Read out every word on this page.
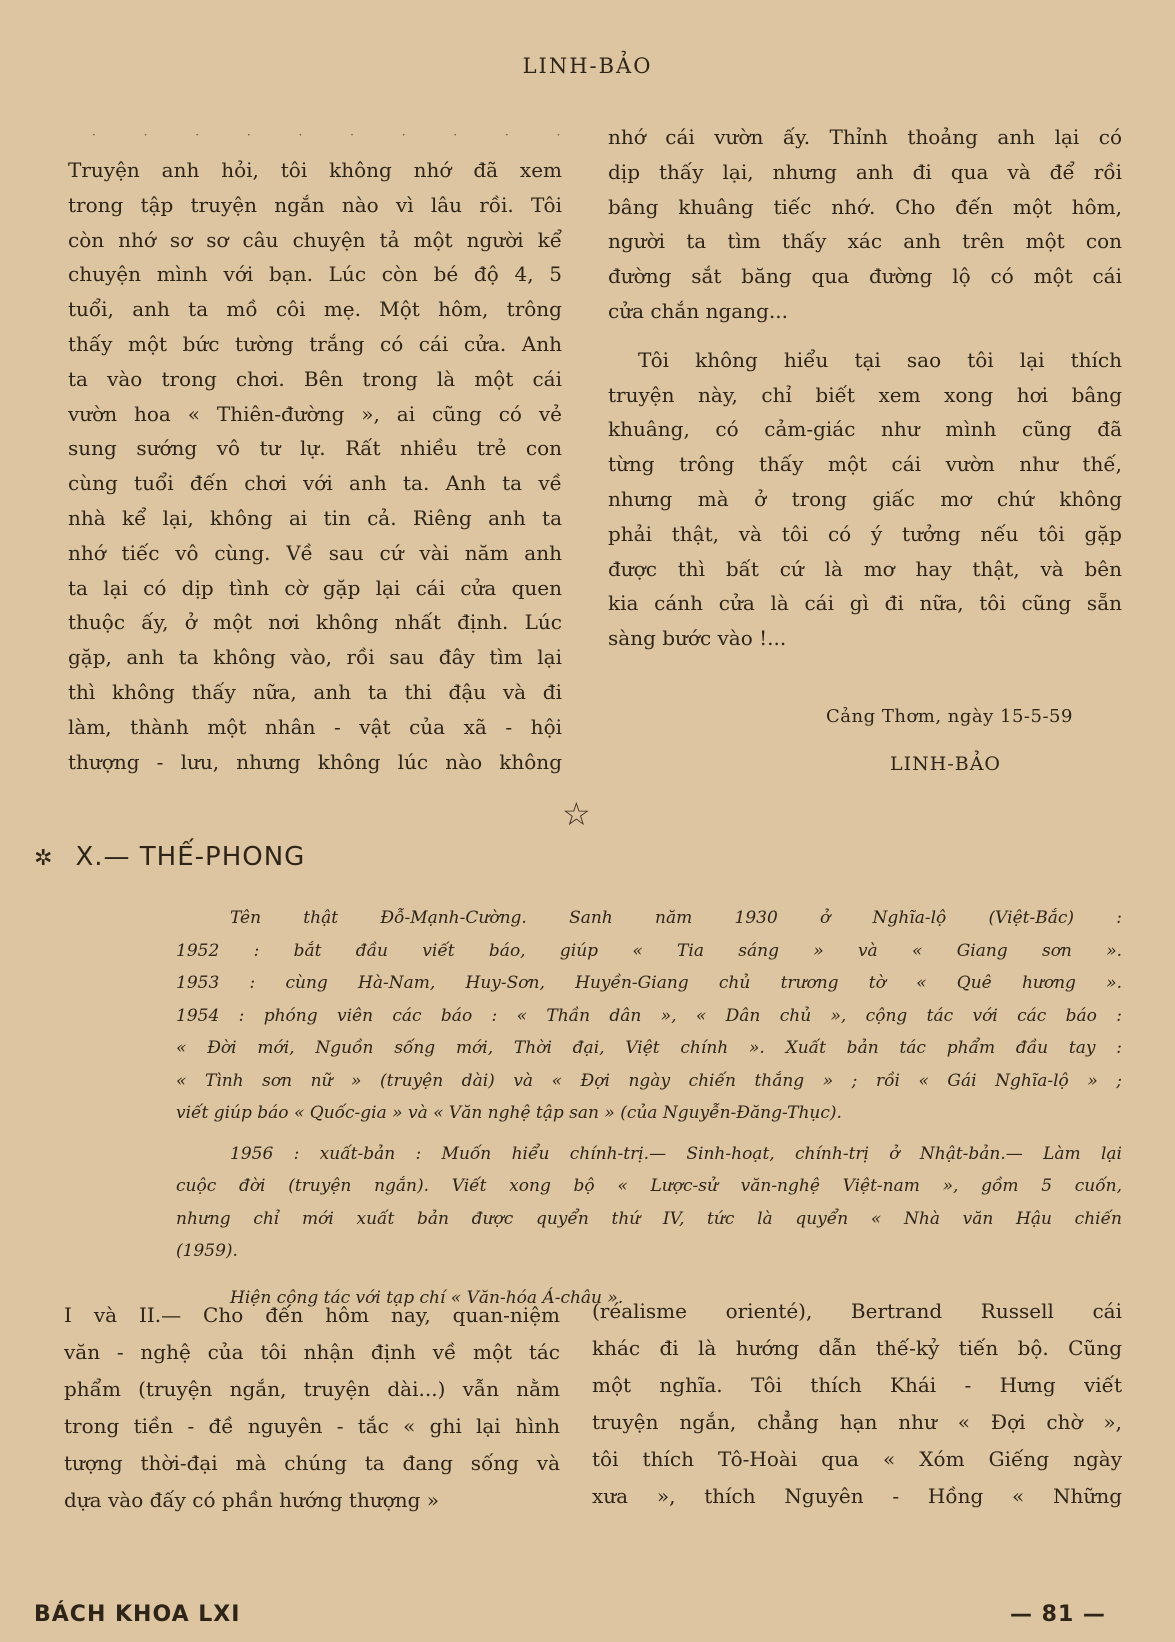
LINH-BẢO
· · · · · · · · · ·
Truyện anh hỏi, tôi không nhớ đã xem
trong tập truyện ngắn nào vì lâu rồi. Tôi
còn nhớ sơ sơ câu chuyện tả một người kể
chuyện mình với bạn. Lúc còn bé độ 4, 5
tuổi, anh ta mồ côi mẹ. Một hôm, trông
thấy một bức tường trắng có cái cửa. Anh
ta vào trong chơi. Bên trong là một cái
vườn hoa « Thiên-đường », ai cũng có vẻ
sung sướng vô tư lự. Rất nhiều trẻ con
cùng tuổi đến chơi với anh ta. Anh ta về
nhà kể lại, không ai tin cả. Riêng anh ta
nhớ tiếc vô cùng. Về sau cứ vài năm anh
ta lại có dịp tình cờ gặp lại cái cửa quen
thuộc ấy, ở một nơi không nhất định. Lúc
gặp, anh ta không vào, rồi sau đây tìm lại
thì không thấy nữa, anh ta thi đậu và đi
làm, thành một nhân - vật của xã - hội
thượng - lưu, nhưng không lúc nào không
nhớ cái vườn ấy. Thỉnh thoảng anh lại có
dịp thấy lại, nhưng anh đi qua và để rồi
bâng khuâng tiếc nhớ. Cho đến một hôm,
người ta tìm thấy xác anh trên một con
đường sắt băng qua đường lộ có một cái
cửa chắn ngang...
Tôi không hiểu tại sao tôi lại thích
truyện này, chỉ biết xem xong hơi bâng
khuâng, có cảm-giác như mình cũng đã
từng trông thấy một cái vườn như thế,
nhưng mà ở trong giấc mơ chứ không
phải thật, và tôi có ý tưởng nếu tôi gặp
được thì bất cứ là mơ hay thật, và bên
kia cánh cửa là cái gì đi nữa, tôi cũng sẵn
sàng bước vào !...
Cảng Thơm, ngày 15-5-59
LINH-BẢO
☆
✲ X.— THẾ-PHONG
Tên thật Đỗ-Mạnh-Cường. Sanh năm 1930 ở Nghĩa-lộ (Việt-Bắc) :
1952 : bắt đầu viết báo, giúp « Tia sáng » và « Giang sơn ».
1953 : cùng Hà-Nam, Huy-Sơn, Huyền-Giang chủ trương tờ « Quê hương ».
1954 : phóng viên các báo : « Thần dân », « Dân chủ », cộng tác với các báo :
« Đời mới, Nguồn sống mới, Thời đại, Việt chính ». Xuất bản tác phẩm đầu tay :
« Tình sơn nữ » (truyện dài) và « Đợi ngày chiến thắng » ; rồi « Gái Nghĩa-lộ » ;
viết giúp báo « Quốc-gia » và « Văn nghệ tập san » (của Nguyễn-Đăng-Thục).
1956 : xuất-bản : Muốn hiểu chính-trị.— Sinh-hoạt, chính-trị ở Nhật-bản.— Làm lại
cuộc đời (truyện ngắn). Viết xong bộ « Lược-sử văn-nghệ Việt-nam », gồm 5 cuốn,
nhưng chỉ mới xuất bản được quyển thứ IV, tức là quyển « Nhà văn Hậu chiến
(1959).
Hiện cộng tác với tạp chí « Văn-hóa Á-châu ».
I và II.— Cho đến hôm nay, quan-niệm
văn - nghệ của tôi nhận định về một tác
phẩm (truyện ngắn, truyện dài...) vẫn nằm
trong tiền - đề nguyên - tắc « ghi lại hình
tượng thời-đại mà chúng ta đang sống và
dựa vào đấy có phần hướng thượng »
(réalisme orienté), Bertrand Russell cái
khác đi là hướng dẫn thế-kỷ tiến bộ. Cũng
một nghĩa. Tôi thích Khái - Hưng viết
truyện ngắn, chẳng hạn như « Đợi chờ »,
tôi thích Tô-Hoài qua « Xóm Giếng ngày
xưa », thích Nguyên - Hồng « Những
BÁCH KHOA LXI	— 81 —
